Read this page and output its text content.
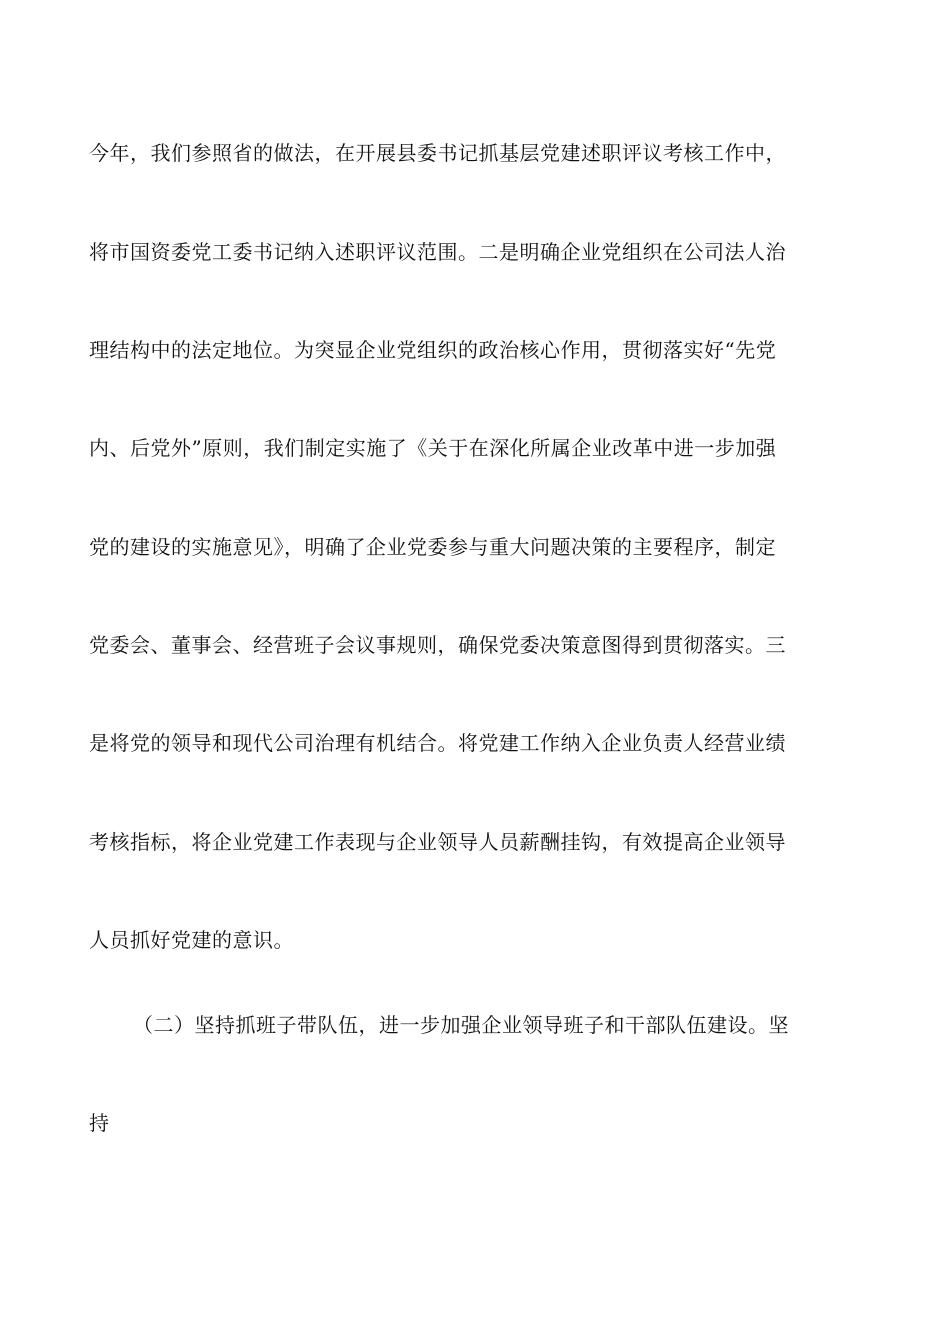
今年，我们参照省的做法，在开展县委书记抓基层党建述职评议考核工作中，
将市国资委党工委书记纳入述职评议范围。二是明确企业党组织在公司法人治
理结构中的法定地位。为突显企业党组织的政治核心作用，贯彻落实好“先党
内、后党外”原则，我们制定实施了《关于在深化所属企业改革中进一步加强
党的建设的实施意见》，明确了企业党委参与重大问题决策的主要程序，制定
党委会、董事会、经营班子会议事规则，确保党委决策意图得到贯彻落实。三
是将党的领导和现代公司治理有机结合。将党建工作纳入企业负责人经营业绩
考核指标，将企业党建工作表现与企业领导人员薪酬挂钩，有效提高企业领导
人员抓好党建的意识。
（二）坚持抓班子带队伍，进一步加强企业领导班子和干部队伍建设。坚
持
